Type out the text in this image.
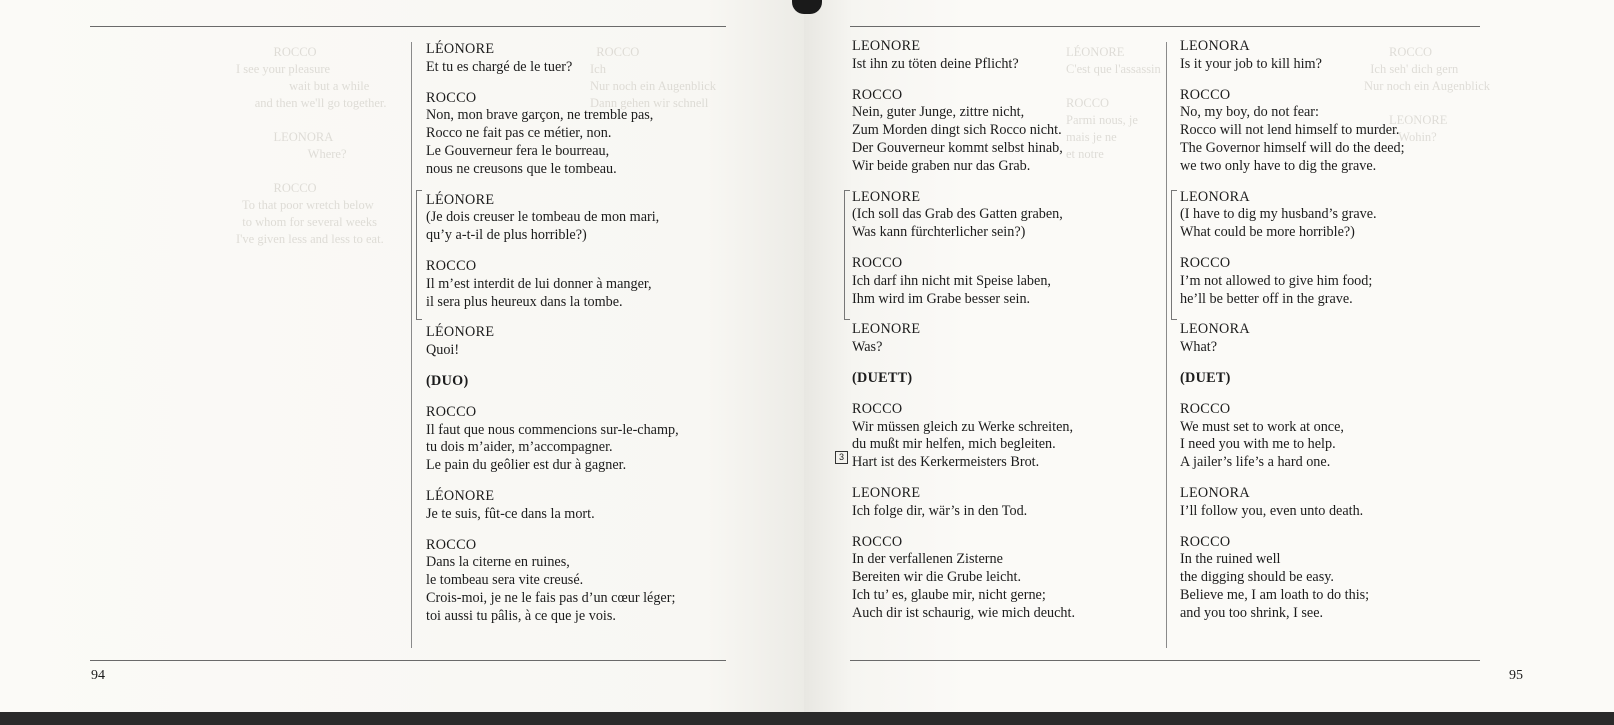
ROCCO
I see your pleasure
wait but a while
and then we'll go together.

LEONORA
Where?

ROCCO
To that poor wretch below
to whom for several weeks
I've given less and less to eat.
ROCCO
Ich
Nur noch ein Augenblick
Dann gehen wir schnell
LÉONORE
Et tu es chargé de le tuer?
ROCCO
Non, mon brave garçon, ne tremble pas,
Rocco ne fait pas ce métier, non.
Le Gouverneur fera le bourreau,
nous ne creusons que le tombeau.
LÉONORE
(Je dois creuser le tombeau de mon mari,
qu’y a-t-il de plus horrible?)
ROCCO
Il m’est interdit de lui donner à manger,
il sera plus heureux dans la tombe.
LÉONORE
Quoi!
(DUO)
ROCCO
Il faut que nous commencions sur-le-champ,
tu dois m’aider, m’accompagner.
Le pain du geôlier est dur à gagner.
LÉONORE
Je te suis, fût-ce dans la mort.
ROCCO
Dans la citerne en ruines,
le tombeau sera vite creusé.
Crois-moi, je ne le fais pas d’un cœur léger;
toi aussi tu pâlis, à ce que je vois.
94
LÉONORE
C'est que l'assassin

ROCCO
Parmi nous, je
mais je ne
et notre

ROCCO
Ich seh' dich gern
Nur noch ein Augenblick

LEONORE
Wohin?
3
LEONORE
Ist ihn zu töten deine Pflicht?
ROCCO
Nein, guter Junge, zittre nicht,
Zum Morden dingt sich Rocco nicht.
Der Gouverneur kommt selbst hinab,
Wir beide graben nur das Grab.
LEONORE
(Ich soll das Grab des Gatten graben,
Was kann fürchterlicher sein?)
ROCCO
Ich darf ihn nicht mit Speise laben,
Ihm wird im Grabe besser sein.
LEONORE
Was?
(DUETT)
ROCCO
Wir müssen gleich zu Werke schreiten,
du mußt mir helfen, mich begleiten.
Hart ist des Kerkermeisters Brot.
LEONORE
Ich folge dir, wär’s in den Tod.
ROCCO
In der verfallenen Zisterne
Bereiten wir die Grube leicht.
Ich tu’ es, glaube mir, nicht gerne;
Auch dir ist schaurig, wie mich deucht.
LEONORA
Is it your job to kill him?
ROCCO
No, my boy, do not fear:
Rocco will not lend himself to murder.
The Governor himself will do the deed;
we two only have to dig the grave.
LEONORA
(I have to dig my husband’s grave.
What could be more horrible?)
ROCCO
I’m not allowed to give him food;
he’ll be better off in the grave.
LEONORA
What?
(DUET)
ROCCO
We must set to work at once,
I need you with me to help.
A jailer’s life’s a hard one.
LEONORA
I’ll follow you, even unto death.
ROCCO
In the ruined well
the digging should be easy.
Believe me, I am loath to do this;
and you too shrink, I see.
95
